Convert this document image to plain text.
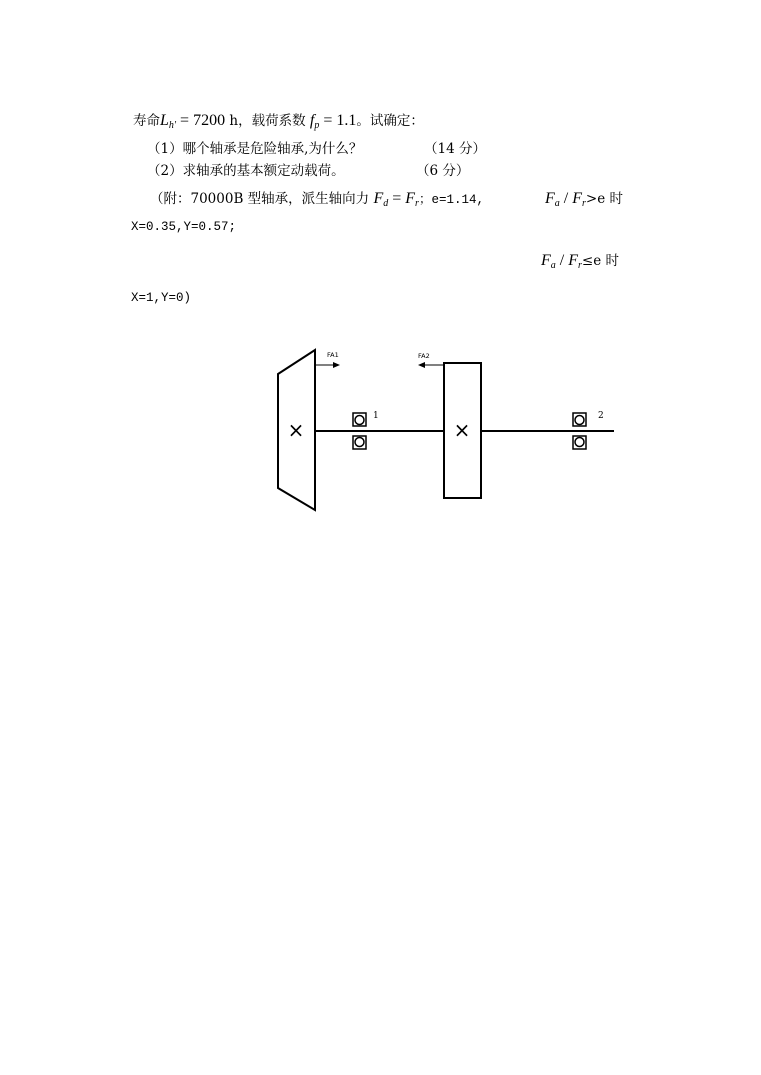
寿命$L_{h'} = 7200$ h，载荷系数 $f_p = 1.1$。试确定：
（1）哪个轴承是危险轴承,为什么？	（14 分）
（2）求轴承的基本额定动载荷。	（6 分）
（附：70000B 型轴承，派生轴向力 $F_d = F_r$；e=1.14,	$F_a / F_r>e$ 时
X=0.35,Y=0.57;
$F_a / F_r\le e$ 时
X=1,Y=0)
×
FA1
×
FA2
1	2
